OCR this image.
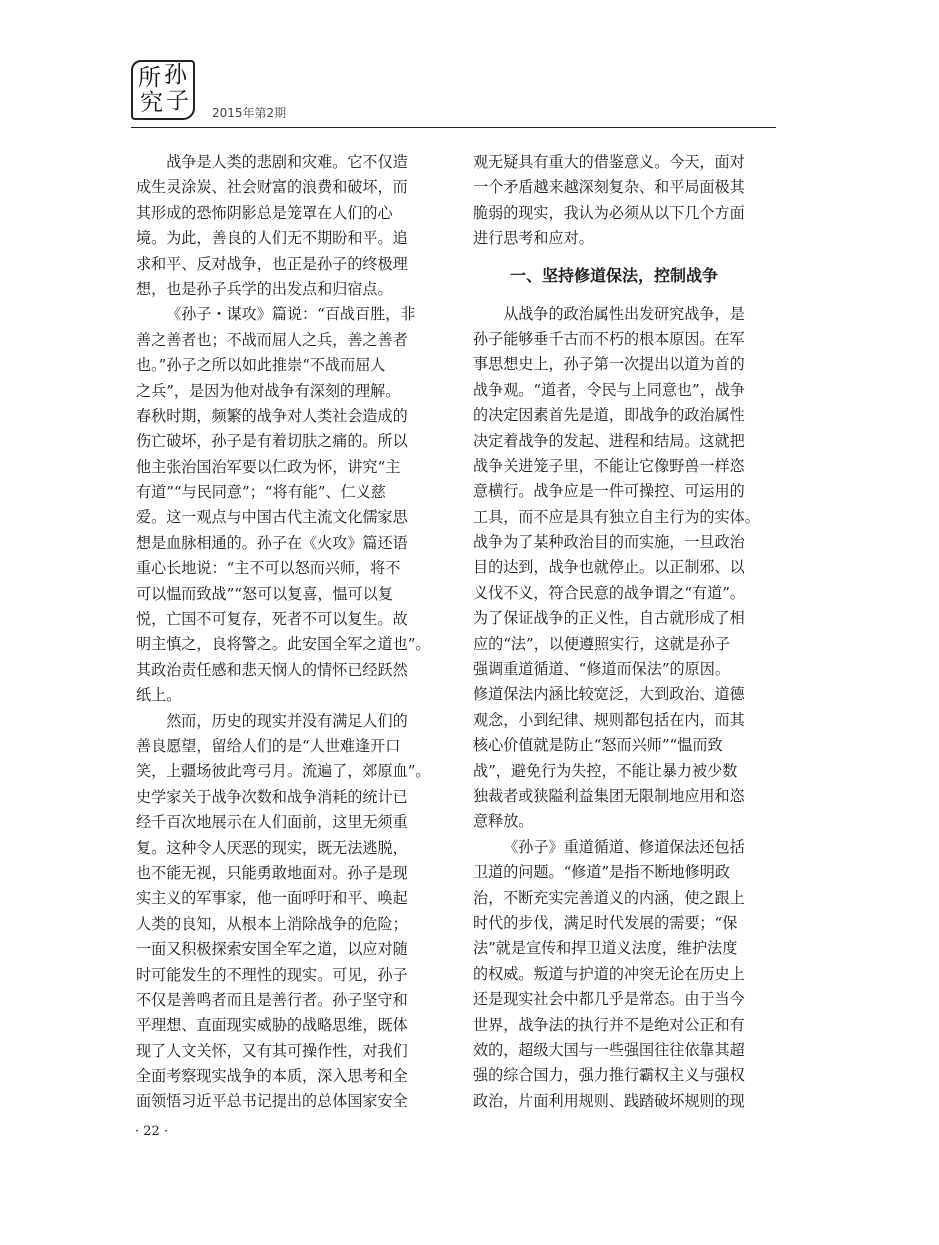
所 孙
究 子 2015年第2期
战争是人类的悲剧和灾难。它不仅造
成生灵涂炭、社会财富的浪费和破坏，而
其形成的恐怖阴影总是笼罩在人们的心
境。为此，善良的人们无不期盼和平。追
求和平、反对战争，也正是孙子的终极理
想，也是孙子兵学的出发点和归宿点。
《孙子・谋攻》篇说：“百战百胜，非
善之善者也；不战而屈人之兵，善之善者
也。”孙子之所以如此推崇“不战而屈人
之兵”，是因为他对战争有深刻的理解。
春秋时期，频繁的战争对人类社会造成的
伤亡破坏，孙子是有着切肤之痛的。所以
他主张治国治军要以仁政为怀，讲究“主
有道”“与民同意”；“将有能”、仁义慈
爱。这一观点与中国古代主流文化儒家思
想是血脉相通的。孙子在《火攻》篇还语
重心长地说：“主不可以怒而兴师，将不
可以愠而致战”“怒可以复喜，愠可以复
悦，亡国不可复存，死者不可以复生。故
明主慎之，良将警之。此安国全军之道也”。
其政治责任感和悲天悯人的情怀已经跃然
纸上。
然而，历史的现实并没有满足人们的
善良愿望，留给人们的是“人世难逢开口
笑，上疆场彼此弯弓月。流遍了，郊原血”。
史学家关于战争次数和战争消耗的统计已
经千百次地展示在人们面前，这里无须重
复。这种令人厌恶的现实，既无法逃脱，
也不能无视，只能勇敢地面对。孙子是现
实主义的军事家，他一面呼吁和平、唤起
人类的良知，从根本上消除战争的危险；
一面又积极探索安国全军之道，以应对随
时可能发生的不理性的现实。可见，孙子
不仅是善鸣者而且是善行者。孙子坚守和
平理想、直面现实威胁的战略思维，既体
现了人文关怀，又有其可操作性，对我们
全面考察现实战争的本质，深入思考和全
面领悟习近平总书记提出的总体国家安全
观无疑具有重大的借鉴意义。今天，面对
一个矛盾越来越深刻复杂、和平局面极其
脆弱的现实，我认为必须从以下几个方面
进行思考和应对。
一、坚持修道保法，控制战争
从战争的政治属性出发研究战争，是
孙子能够垂千古而不朽的根本原因。在军
事思想史上，孙子第一次提出以道为首的
战争观。“道者，令民与上同意也”，战争
的决定因素首先是道，即战争的政治属性
决定着战争的发起、进程和结局。这就把
战争关进笼子里，不能让它像野兽一样恣
意横行。战争应是一件可操控、可运用的
工具，而不应是具有独立自主行为的实体。
战争为了某种政治目的而实施，一旦政治
目的达到，战争也就停止。以正制邪、以
义伐不义，符合民意的战争谓之“有道”。
为了保证战争的正义性，自古就形成了相
应的“法”，以便遵照实行，这就是孙子
强调重道循道、“修道而保法”的原因。
修道保法内涵比较宽泛，大到政治、道德
观念，小到纪律、规则都包括在内，而其
核心价值就是防止“怒而兴师”“愠而致
战”，避免行为失控，不能让暴力被少数
独裁者或狭隘利益集团无限制地应用和恣
意释放。
《孙子》重道循道、修道保法还包括
卫道的问题。“修道”是指不断地修明政
治，不断充实完善道义的内涵，使之跟上
时代的步伐，满足时代发展的需要；“保
法”就是宣传和捍卫道义法度，维护法度
的权威。叛道与护道的冲突无论在历史上
还是现实社会中都几乎是常态。由于当今
世界，战争法的执行并不是绝对公正和有
效的，超级大国与一些强国往往依靠其超
强的综合国力，强力推行霸权主义与强权
政治，片面利用规则、践踏破坏规则的现
· 22 ·
